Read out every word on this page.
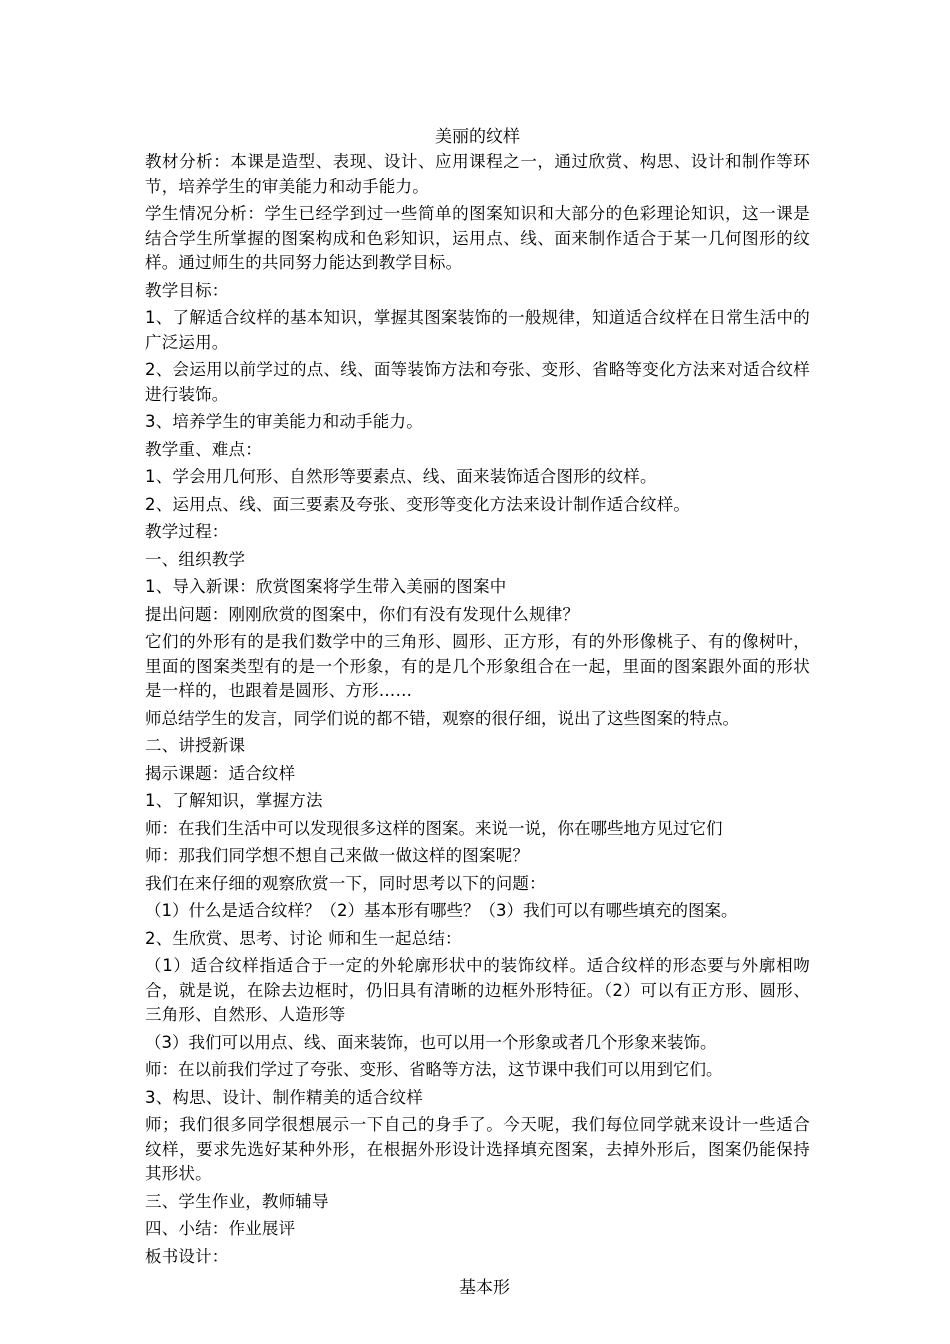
美丽的纹样

教材分析：本课是造型、表现、设计、应用课程之一，通过欣赏、构思、设计和制作等环节，培养学生的审美能力和动手能力。

学生情况分析：学生已经学到过一些简单的图案知识和大部分的色彩理论知识，这一课是结合学生所掌握的图案构成和色彩知识，运用点、线、面来制作适合于某一几何图形的纹样。通过师生的共同努力能达到教学目标。

教学目标：

1、了解适合纹样的基本知识，掌握其图案装饰的一般规律，知道适合纹样在日常生活中的广泛运用。

2、会运用以前学过的点、线、面等装饰方法和夸张、变形、省略等变化方法来对适合纹样进行装饰。

3、培养学生的审美能力和动手能力。

教学重、难点：

1、学会用几何形、自然形等要素点、线、面来装饰适合图形的纹样。

2、运用点、线、面三要素及夸张、变形等变化方法来设计制作适合纹样。

教学过程：

一、组织教学

1、导入新课：欣赏图案将学生带入美丽的图案中

提出问题：刚刚欣赏的图案中，你们有没有发现什么规律？

它们的外形有的是我们数学中的三角形、圆形、正方形，有的外形像桃子、有的像树叶，里面的图案类型有的是一个形象，有的是几个形象组合在一起，里面的图案跟外面的形状是一样的，也跟着是圆形、方形……

师总结学生的发言，同学们说的都不错，观察的很仔细，说出了这些图案的特点。

二、讲授新课

揭示课题：适合纹样

1、了解知识，掌握方法

师：在我们生活中可以发现很多这样的图案。来说一说，你在哪些地方见过它们

师：那我们同学想不想自己来做一做这样的图案呢？

我们在来仔细的观察欣赏一下，同时思考以下的问题：

（1）什么是适合纹样？（2）基本形有哪些？（3）我们可以有哪些填充的图案。

2、生欣赏、思考、讨论 师和生一起总结：

（1）适合纹样指适合于一定的外轮廓形状中的装饰纹样。适合纹样的形态要与外廓相吻合，就是说，在除去边框时，仍旧具有清晰的边框外形特征。（2）可以有正方形、圆形、三角形、自然形、人造形等

（3）我们可以用点、线、面来装饰，也可以用一个形象或者几个形象来装饰。

师：在以前我们学过了夸张、变形、省略等方法，这节课中我们可以用到它们。

3、构思、设计、制作精美的适合纹样

师；我们很多同学很想展示一下自己的身手了。今天呢，我们每位同学就来设计一些适合纹样，要求先选好某种外形，在根据外形设计选择填充图案，去掉外形后，图案仍能保持其形状。

三、学生作业，教师辅导

四、小结：作业展评

板书设计：

基本形
